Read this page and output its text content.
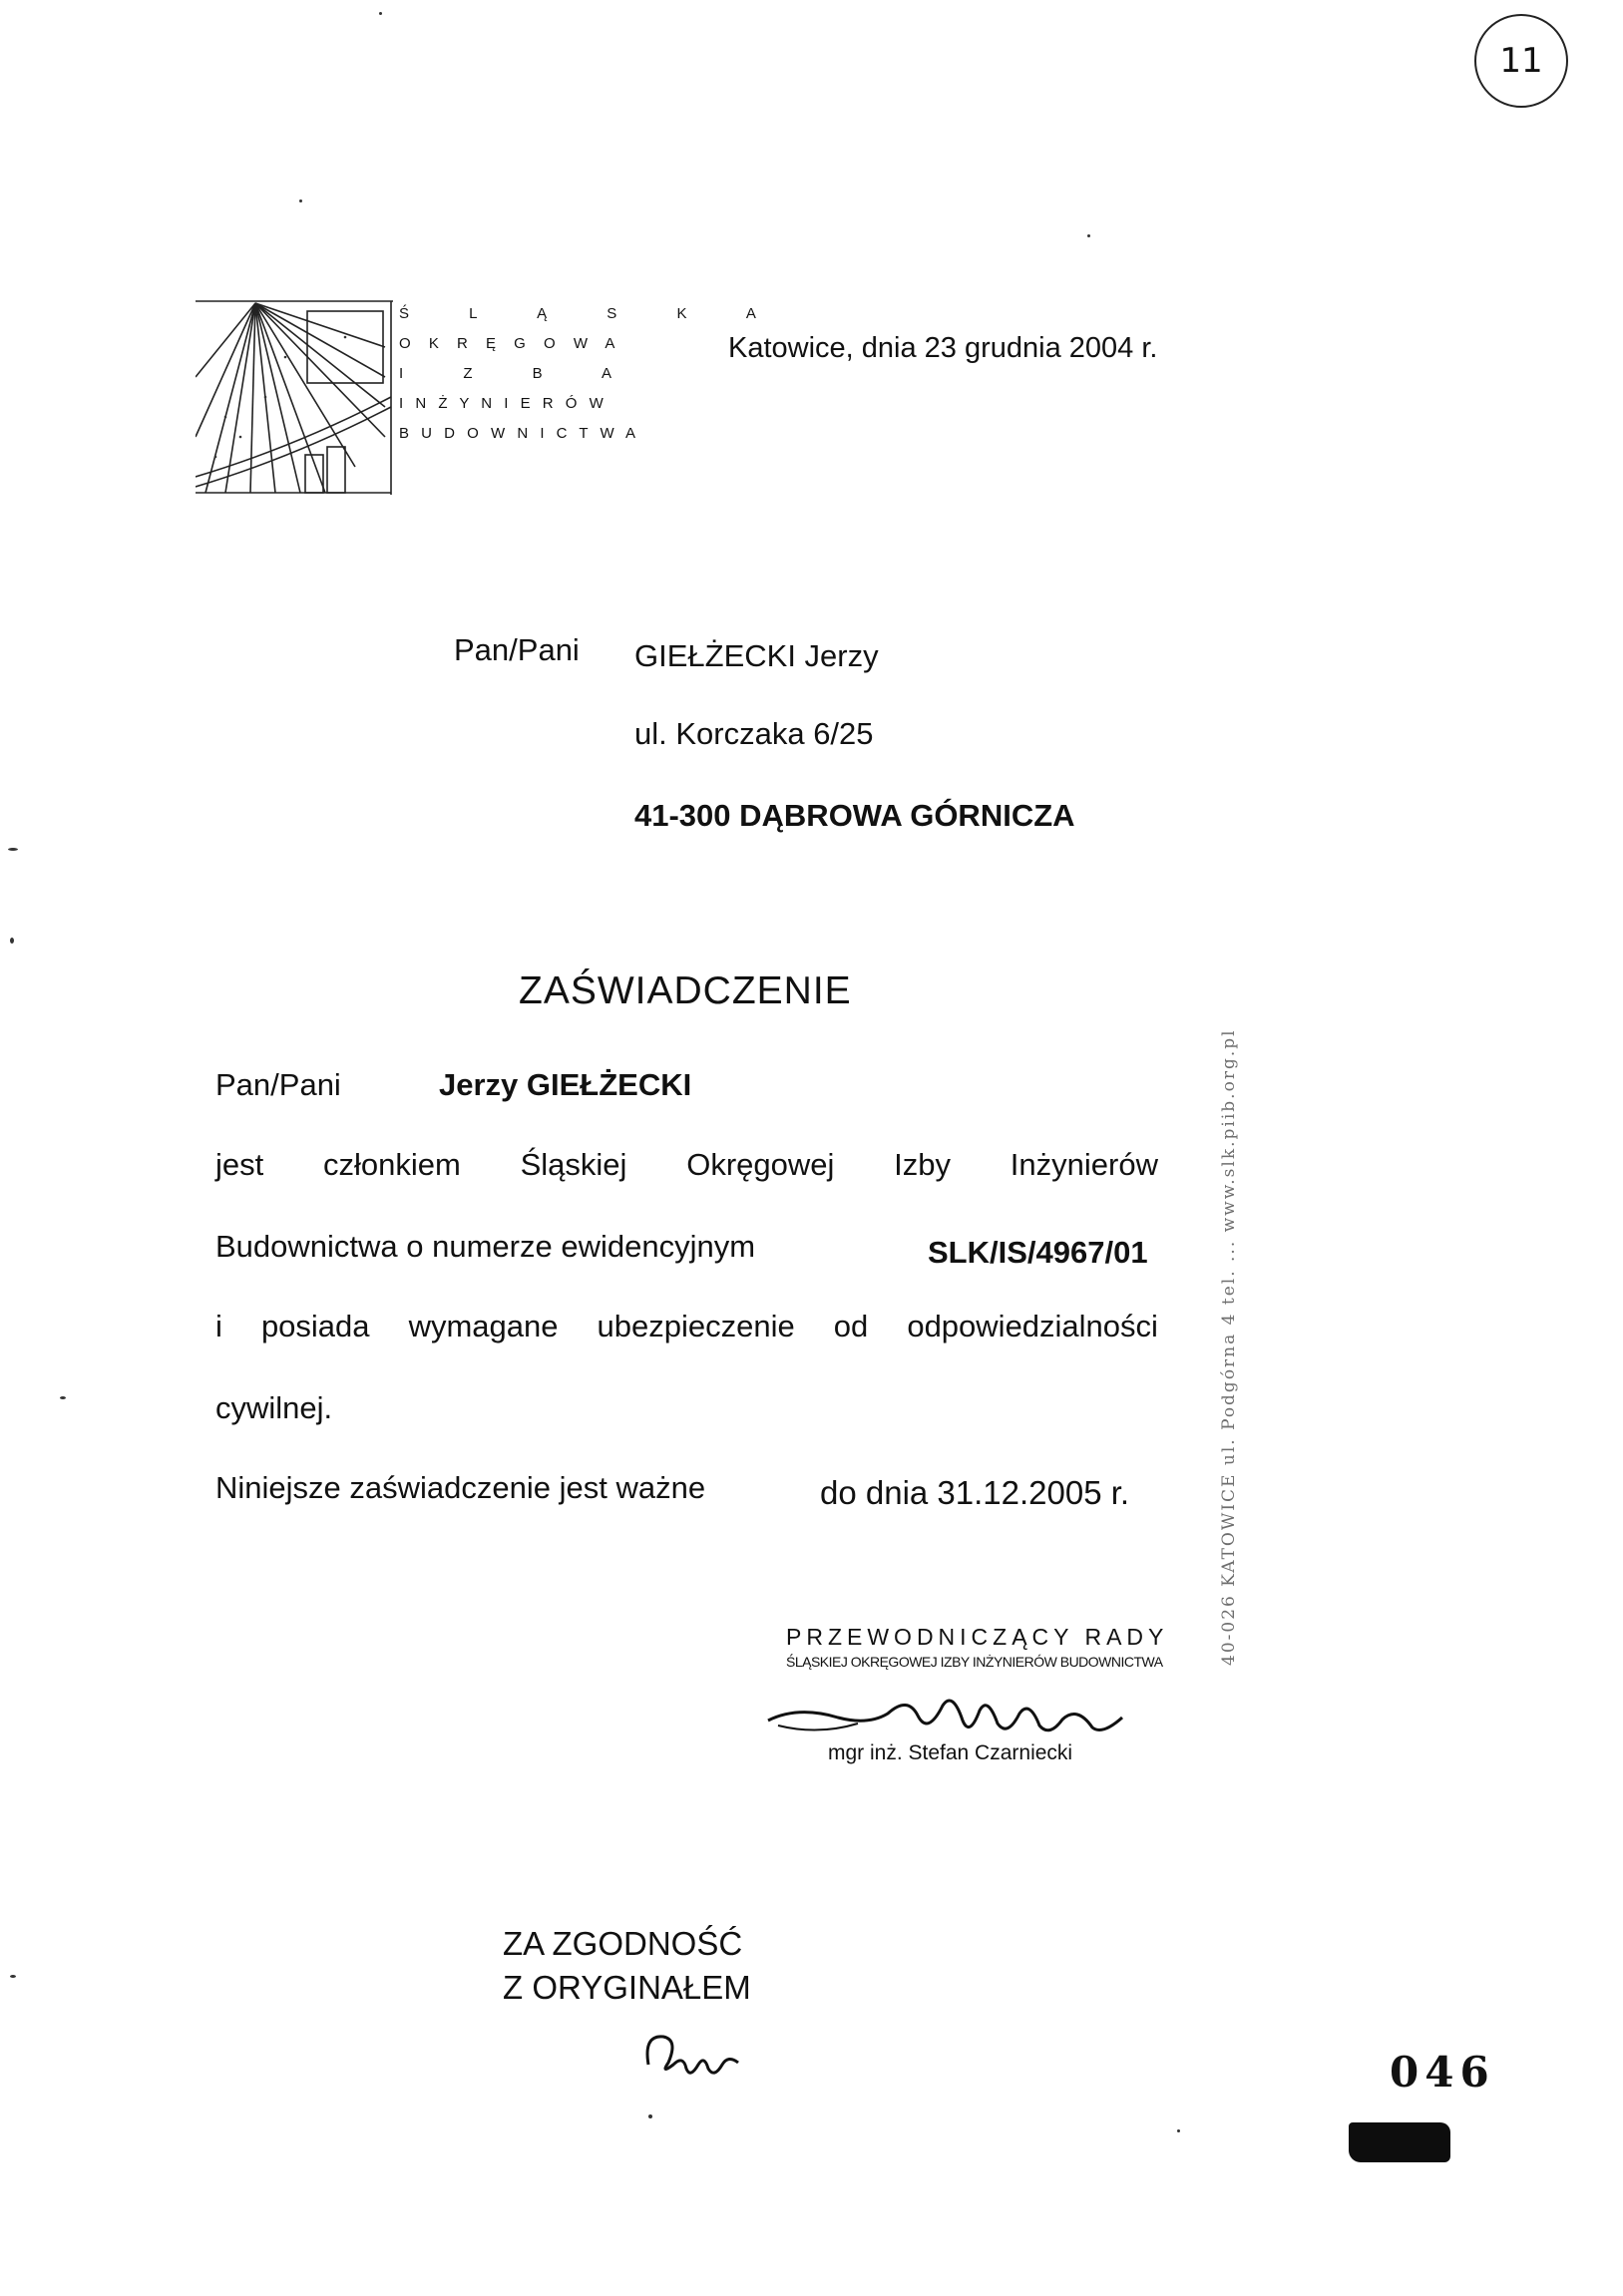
11
Ś L Ą S K A
O K R Ę G O W A
I Z B A
I N Ż Y N I E R Ó W
B U D O W N I C T W A
Katowice, dnia 23 grudnia 2004 r.
Pan/Pani GIEŁŻECKI Jerzy
ul. Korczaka 6/25
41-300 DĄBROWA GÓRNICZA
ZAŚWIADCZENIE
Pan/Pani	Jerzy GIEŁŻECKI
jest członkiem Śląskiej Okręgowej Izby Inżynierów
Budownictwa o numerze ewidencyjnym	SLK/IS/4967/01
i posiada wymagane ubezpieczenie od odpowiedzialności
cywilnej.
Niniejsze zaświadczenie jest ważne	do dnia 31.12.2005 r.
PRZEWODNICZĄCY RADY
ŚLĄSKIEJ OKRĘGOWEJ IZBY INŻYNIERÓW BUDOWNICTWA
mgr inż. Stefan Czarniecki
ZA ZGODNOŚĆ
Z ORYGINAŁEM
046
40-026 KATOWICE ul. Podgórna 4 tel. ... www.slk.piib.org.pl
